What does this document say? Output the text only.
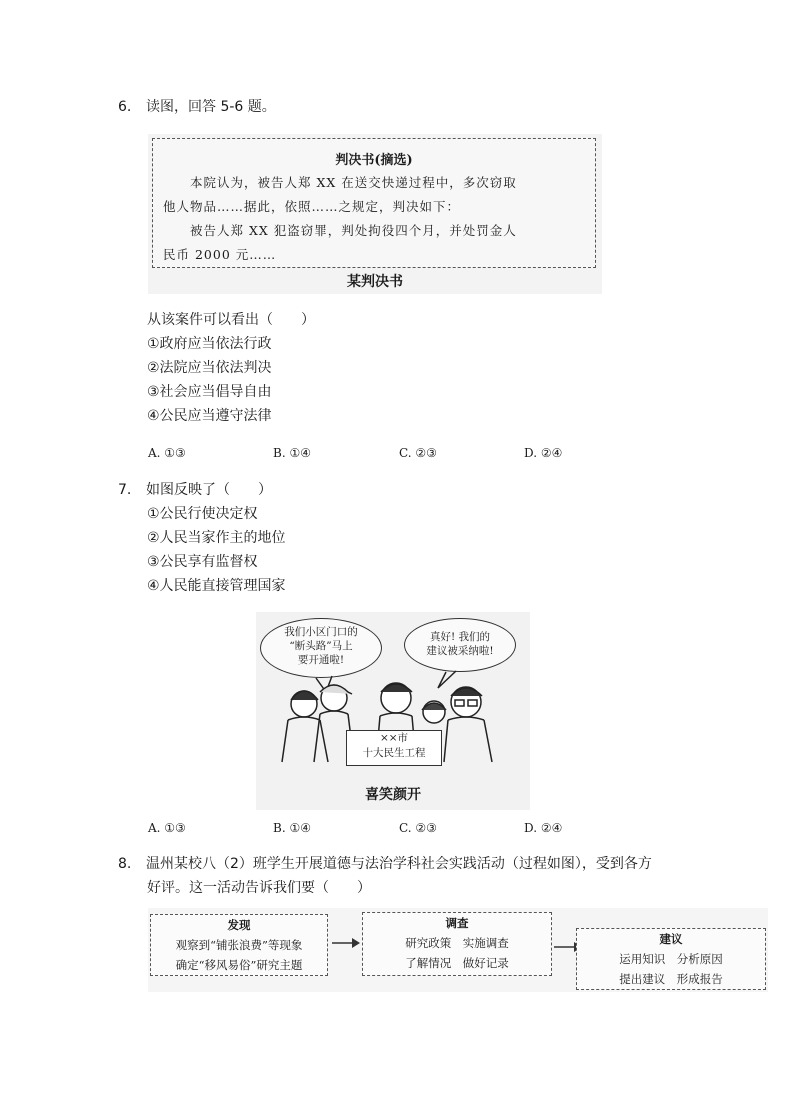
6. 读图，回答 5-6 题。
判决书(摘选)
　　本院认为，被告人郑 XX 在送交快递过程中，多次窃取
他人物品……据此，依照……之规定，判决如下：
　　被告人郑 XX 犯盗窃罪，判处拘役四个月，并处罚金人
民币 2000 元……
某判决书
从该案件可以看出（　　）
①政府应当依法行政
②法院应当依法判决
③社会应当倡导自由
④公民应当遵守法律
A. ①③	B. ①④	C. ②③	D. ②④
7. 如图反映了（　　）
①公民行使决定权
②人民当家作主的地位
③公民享有监督权
④人民能直接管理国家
我们小区门口的
“断头路”马上
要开通啦!
真好! 我们的
建议被采纳啦!
××市
十大民生工程
喜笑颜开
A. ①③	B. ①④	C. ②③	D. ②④
8. 温州某校八（2）班学生开展道德与法治学科社会实践活动（过程如图），受到各方
好评。这一活动告诉我们要（　　）
发现
观察到“铺张浪费”等现象
确定“移风易俗”研究主题
调查
研究政策　实施调查
了解情况　做好记录
建议
运用知识　分析原因
提出建议　形成报告
